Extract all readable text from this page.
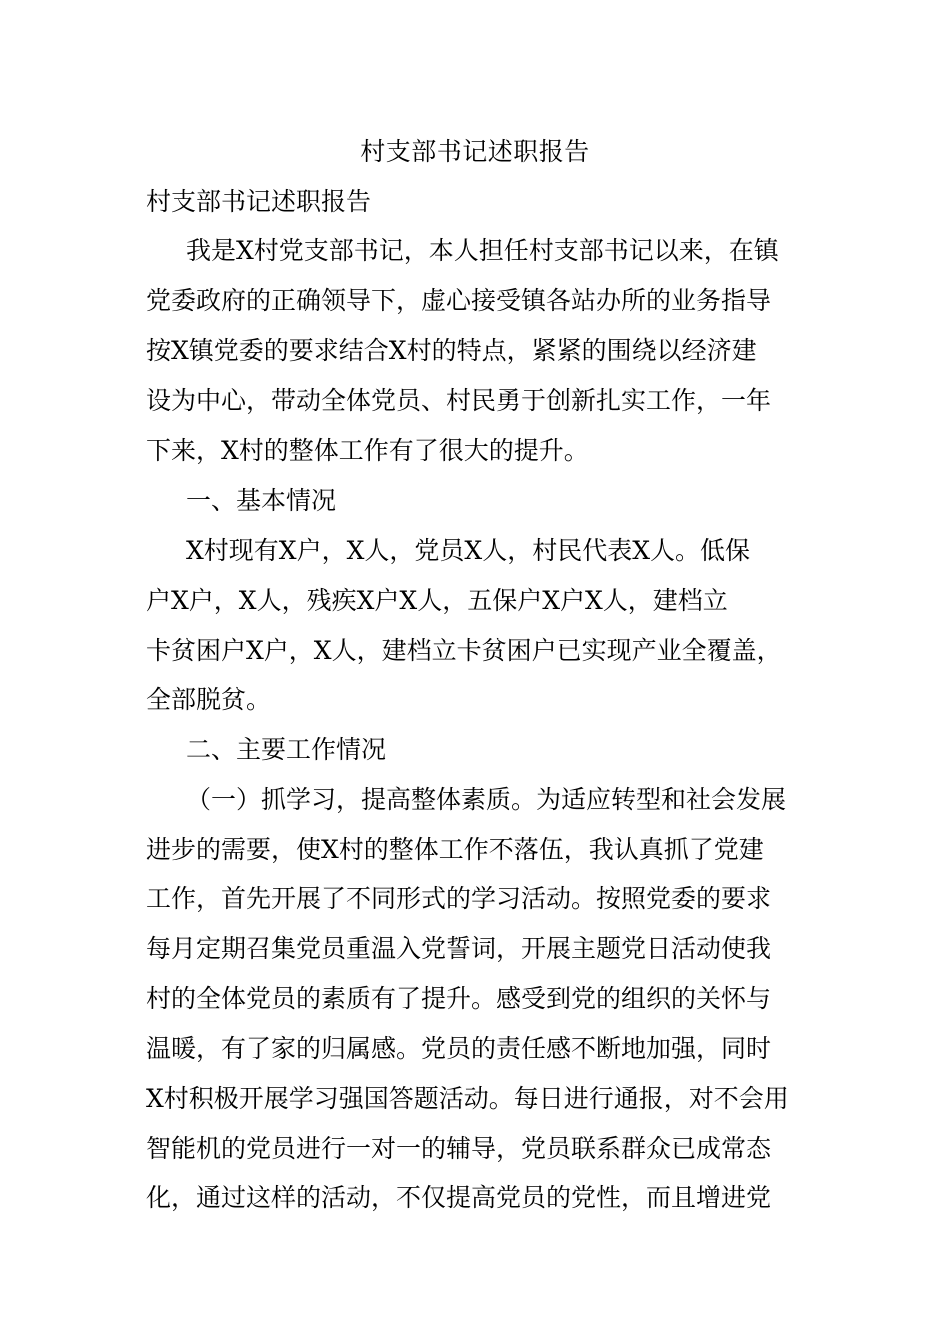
村支部书记述职报告
村支部书记述职报告
我是X村党支部书记，本人担任村支部书记以来，在镇
党委政府的正确领导下，虚心接受镇各站办所的业务指导
按X镇党委的要求结合X村的特点，紧紧的围绕以经济建
设为中心，带动全体党员、村民勇于创新扎实工作，一年
下来，X村的整体工作有了很大的提升。
一、基本情况
X村现有X户，X人，党员X人，村民代表X人。低保
户X户，X人，残疾X户X人，五保户X户X人，建档立
卡贫困户X户，X人，建档立卡贫困户已实现产业全覆盖，
全部脱贫。
二、主要工作情况
（一）抓学习，提高整体素质。为适应转型和社会发展
进步的需要，使X村的整体工作不落伍，我认真抓了党建
工作，首先开展了不同形式的学习活动。按照党委的要求
每月定期召集党员重温入党誓词，开展主题党日活动使我
村的全体党员的素质有了提升。感受到党的组织的关怀与
温暖，有了家的归属感。党员的责任感不断地加强，同时
X村积极开展学习强国答题活动。每日进行通报，对不会用
智能机的党员进行一对一的辅导，党员联系群众已成常态
化，通过这样的活动，不仅提高党员的党性，而且增进党
